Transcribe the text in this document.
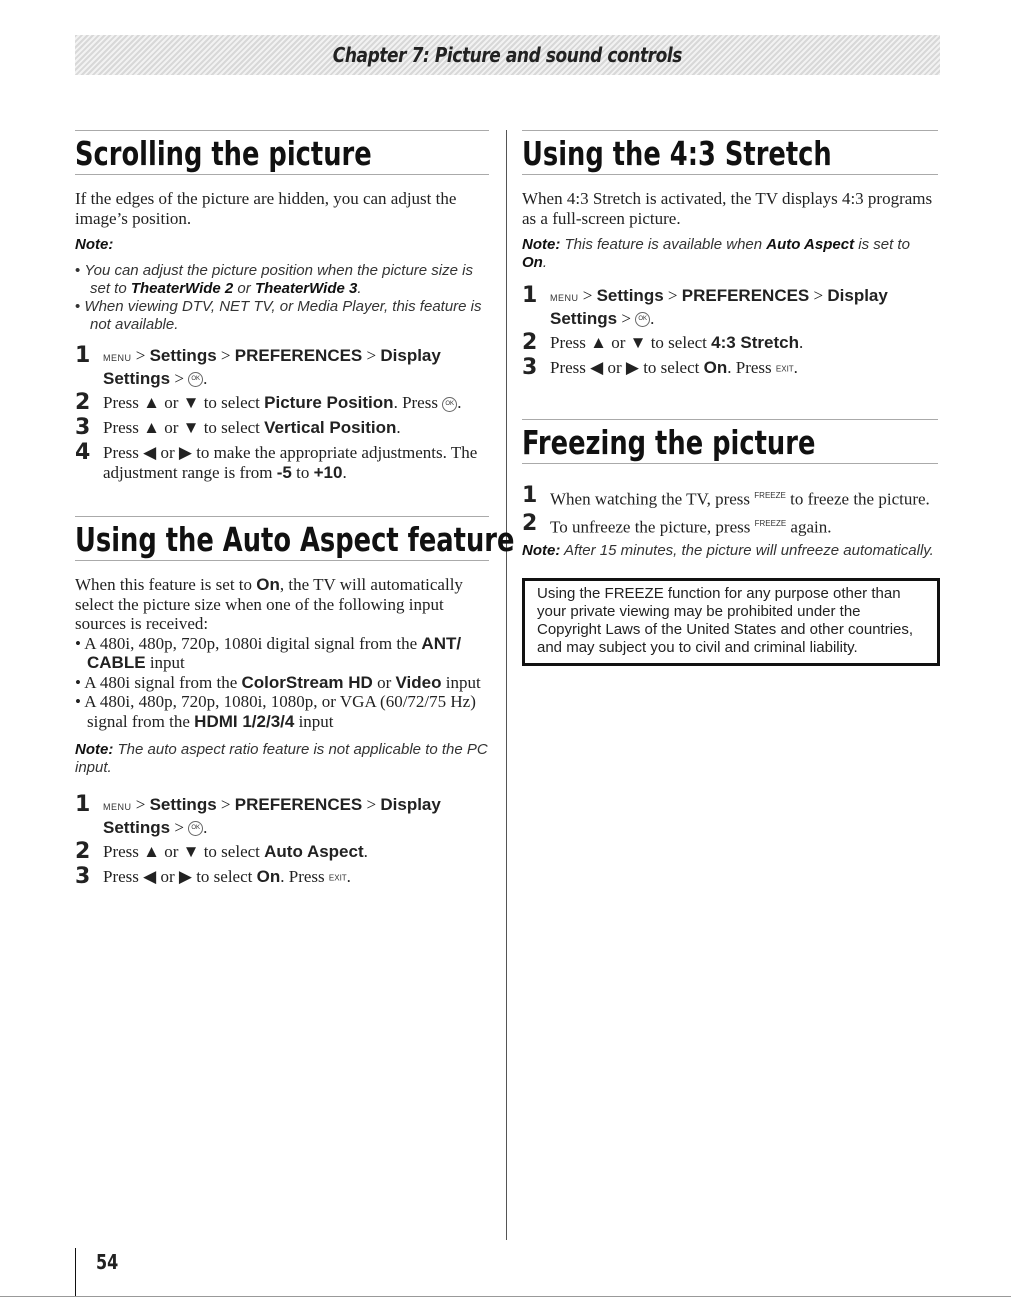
Chapter 7: Picture and sound controls
Scrolling the picture

If the edges of the picture are hidden, you can adjust the image’s position.

Note:
• You can adjust the picture position when the picture size is set to TheaterWide 2 or TheaterWide 3.
• When viewing DTV, NET TV, or Media Player, this feature is not available.
1	MENU > Settings > PREFERENCES > Display Settings > OK .
2 Press ▲ or ▼ to select Picture Position. Press OK .
3 Press ▲ or ▼ to select Vertical Position.
4 Press ◀ or ▶ to make the appropriate adjustments. The adjustment range is from -5 to +10.
Using the Auto Aspect feature

When this feature is set to On, the TV will automatically select the picture size when one of the following input sources is received:

• A 480i, 480p, 720p, 1080i digital signal from the ANT/ CABLE input
• A 480i signal from the ColorStream HD or Video input
• A 480i, 480p, 720p, 1080i, 1080p, or VGA (60/72/75 Hz) signal from the HDMI 1/2/3/4 input
Note: The auto aspect ratio feature is not applicable to the PC input.
1	MENU > Settings > PREFERENCES > Display Settings > OK .
2 Press ▲ or ▼ to select Auto Aspect.
3 Press ◀ or ▶ to select On. Press EXIT.
Using the 4:3 Stretch

When 4:3 Stretch is activated, the TV displays 4:3 programs as a full-screen picture.

Note: This feature is available when Auto Aspect is set to On.
1	MENU > Settings > PREFERENCES > Display Settings > OK .
2 Press ▲ or ▼ to select 4:3 Stretch.
3 Press ◀ or ▶ to select On. Press EXIT.
Freezing the picture
1 When watching the TV, press $^{FREEZE}$ to freeze the picture.
2 To unfreeze the picture, press $^{FREEZE}$ again.
Note: After 15 minutes, the picture will unfreeze automatically.
Using the FREEZE function for any purpose other than your private viewing may be prohibited under the Copyright Laws of the United States and other countries, and may subject you to civil and criminal liability.
54
